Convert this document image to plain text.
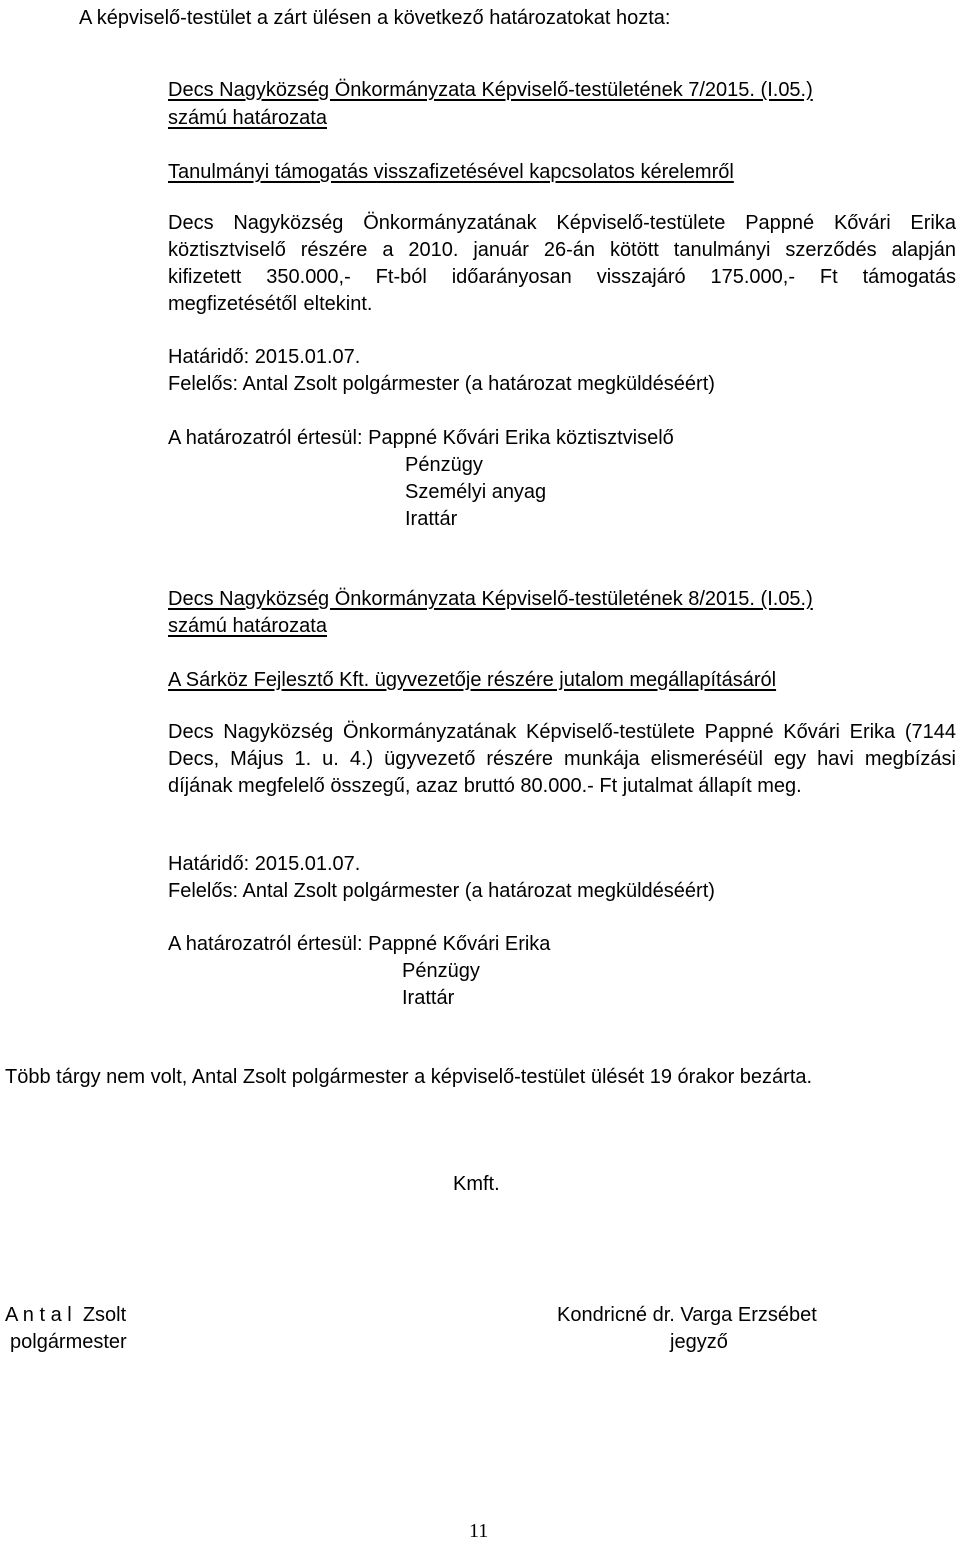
A képviselő-testület a zárt ülésen a következő határozatokat hozta:
Decs Nagyközség Önkormányzata Képviselő-testületének 7/2015. (I.05.)
számú határozata
Tanulmányi támogatás visszafizetésével kapcsolatos kérelemről
Decs Nagyközség Önkormányzatának Képviselő-testülete Pappné Kővári Erika köztisztviselő részére a 2010. január 26-án kötött tanulmányi szerződés alapján kifizetett 350.000,- Ft-ból időarányosan visszajáró 175.000,- Ft támogatás megfizetésétől eltekint.
Határidő: 2015.01.07.
Felelős: Antal Zsolt polgármester (a határozat megküldéséért)
A határozatról értesül: Pappné Kővári Erika köztisztviselő
Pénzügy
Személyi anyag
Irattár
Decs Nagyközség Önkormányzata Képviselő-testületének 8/2015. (I.05.)
számú határozata
A Sárköz Fejlesztő Kft. ügyvezetője részére jutalom megállapításáról
Decs Nagyközség Önkormányzatának Képviselő-testülete Pappné Kővári Erika (7144 Decs, Május 1. u. 4.) ügyvezető részére munkája elismeréséül egy havi megbízási díjának megfelelő összegű, azaz bruttó 80.000.- Ft jutalmat állapít meg.
Határidő: 2015.01.07.
Felelős: Antal Zsolt polgármester (a határozat megküldéséért)
A határozatról értesül: Pappné Kővári Erika
Pénzügy
Irattár
Több tárgy nem volt, Antal Zsolt polgármester a képviselő-testület ülését 19 órakor bezárta.
Kmft.
A n t a l  Zsolt
polgármester
Kondricné dr. Varga Erzsébet
jegyző
11
